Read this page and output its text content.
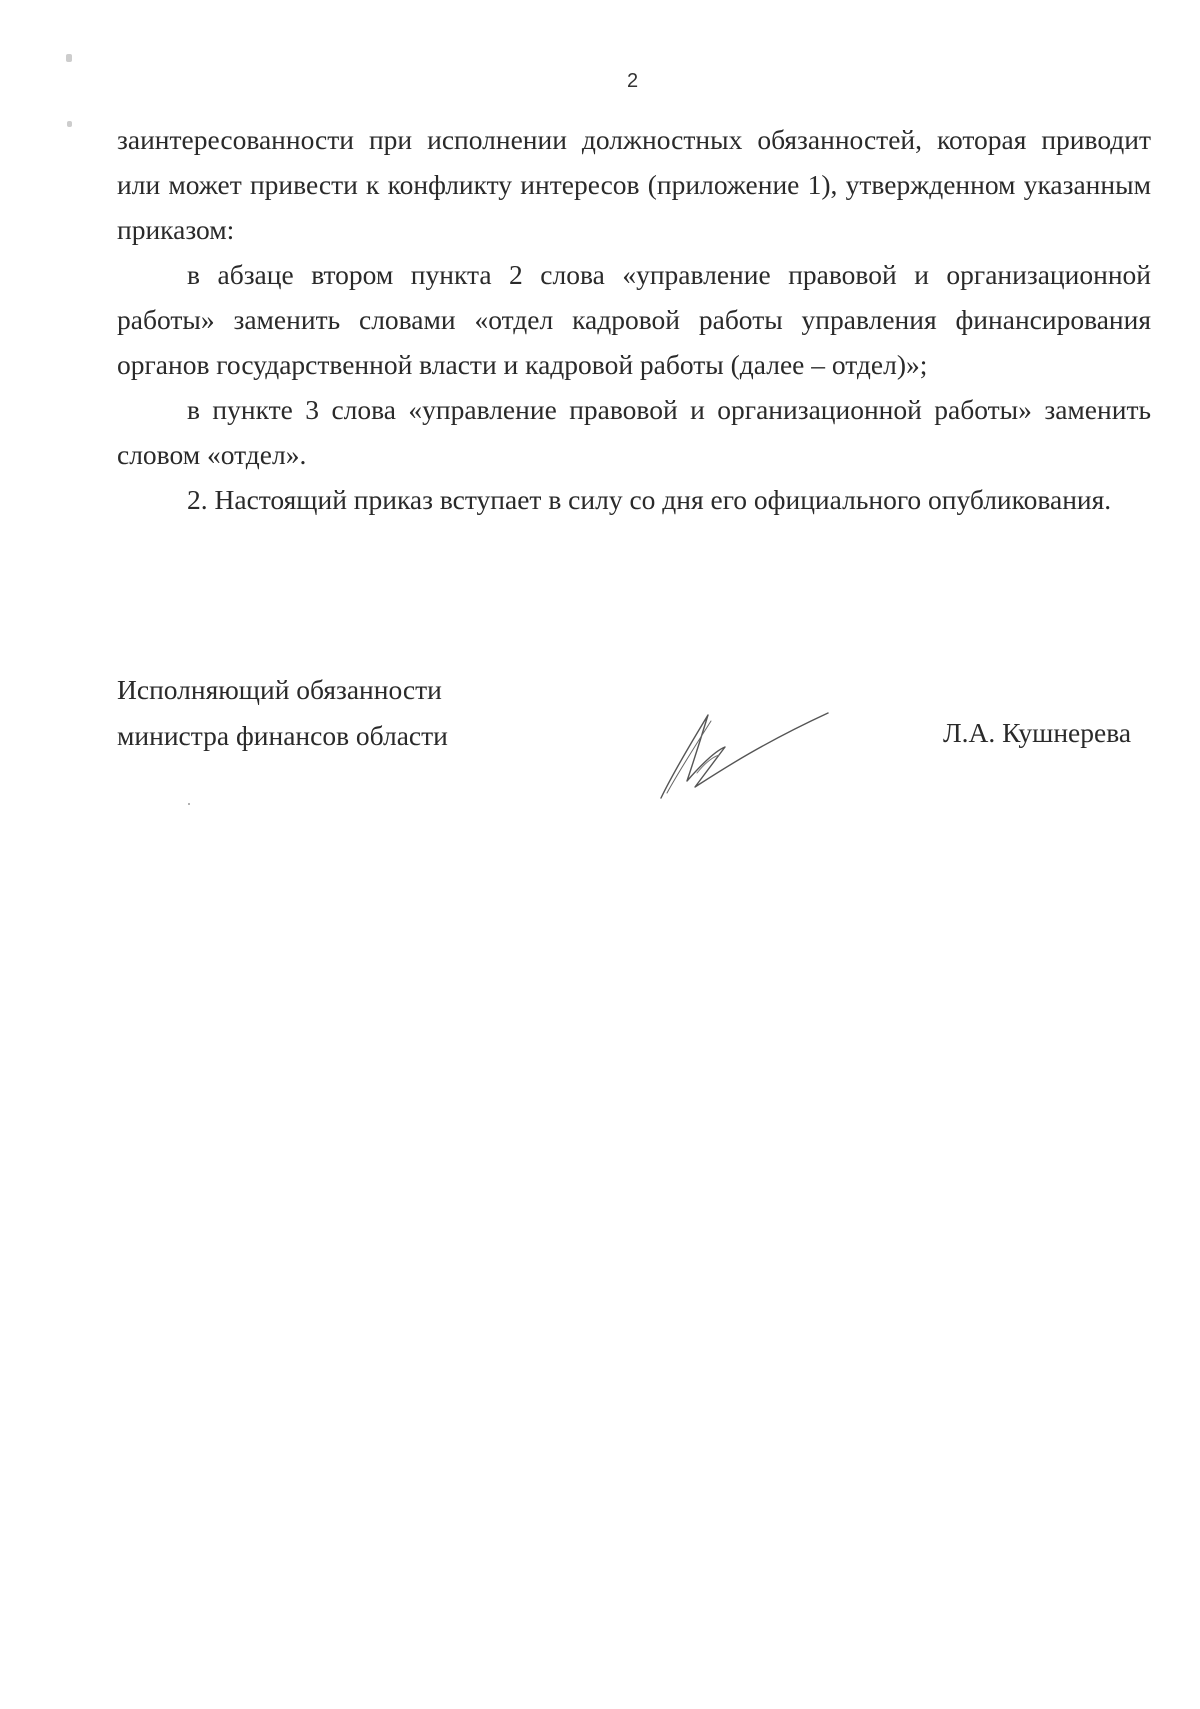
2

заинтересованности при исполнении должностных обязанностей, которая приводит или может привести к конфликту интересов (приложение 1), утвержденном указанным приказом:

в абзаце втором пункта 2 слова «управление правовой и организационной работы» заменить словами «отдел кадровой работы управления финансирования органов государственной власти и кадровой работы (далее – отдел)»;

в пункте 3 слова «управление правовой и организационной работы» заменить словом «отдел».

2. Настоящий приказ вступает в силу со дня его официального опубликования.

Исполняющий обязанности
министра финансов области	Л.А. Кушнерева
